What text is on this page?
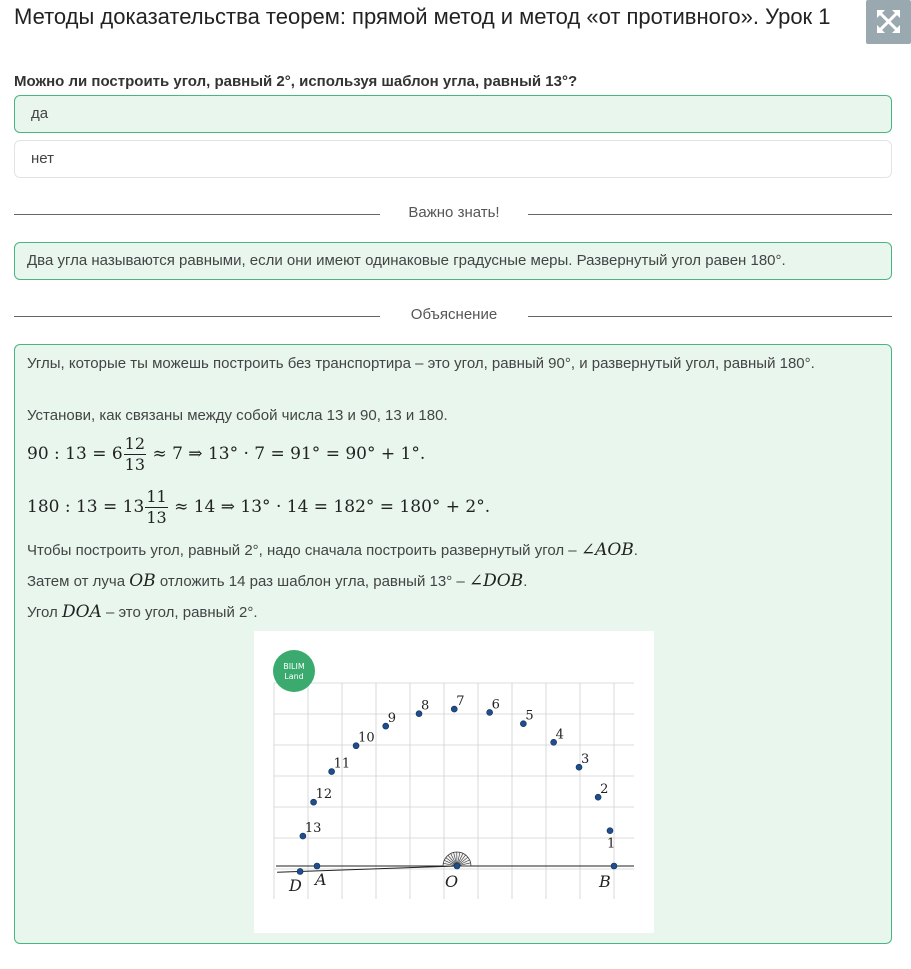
Методы доказательства теорем: прямой метод и метод «от противного». Урок 1
Можно ли построить угол, равный 2°, используя шаблон угла, равный 13°?
да
нет
Важно знать!
Два угла называются равными, если они имеют одинаковые градусные меры. Развернутый угол равен 180°.
Объяснение
Углы, которые ты можешь построить без транспортира – это угол, равный 90°, и развернутый угол, равный 180°.
Установи, как связаны между собой числа 13 и 90, 13 и 180.
90 : $13 = 6 \frac{12}{13} \approx 7$ ⇒ 13° · 7 = 91° = 90° + 1°.
180 : $13 = 13 \frac{11}{13} \approx 14$ ⇒ 13° · 14 = 182° = 180° + 2°.
Чтобы построить угол, равный 2°, надо сначала построить развернутый угол – ∠AOB.
Затем от луча OB отложить 14 раз шаблон угла, равный 13° – ∠DOB.
Угол DOA – это угол, равный 2°.
BILIM
Land
1
2
3
4
5
6
7
8
9
10
11
12
13
D A	O	B
